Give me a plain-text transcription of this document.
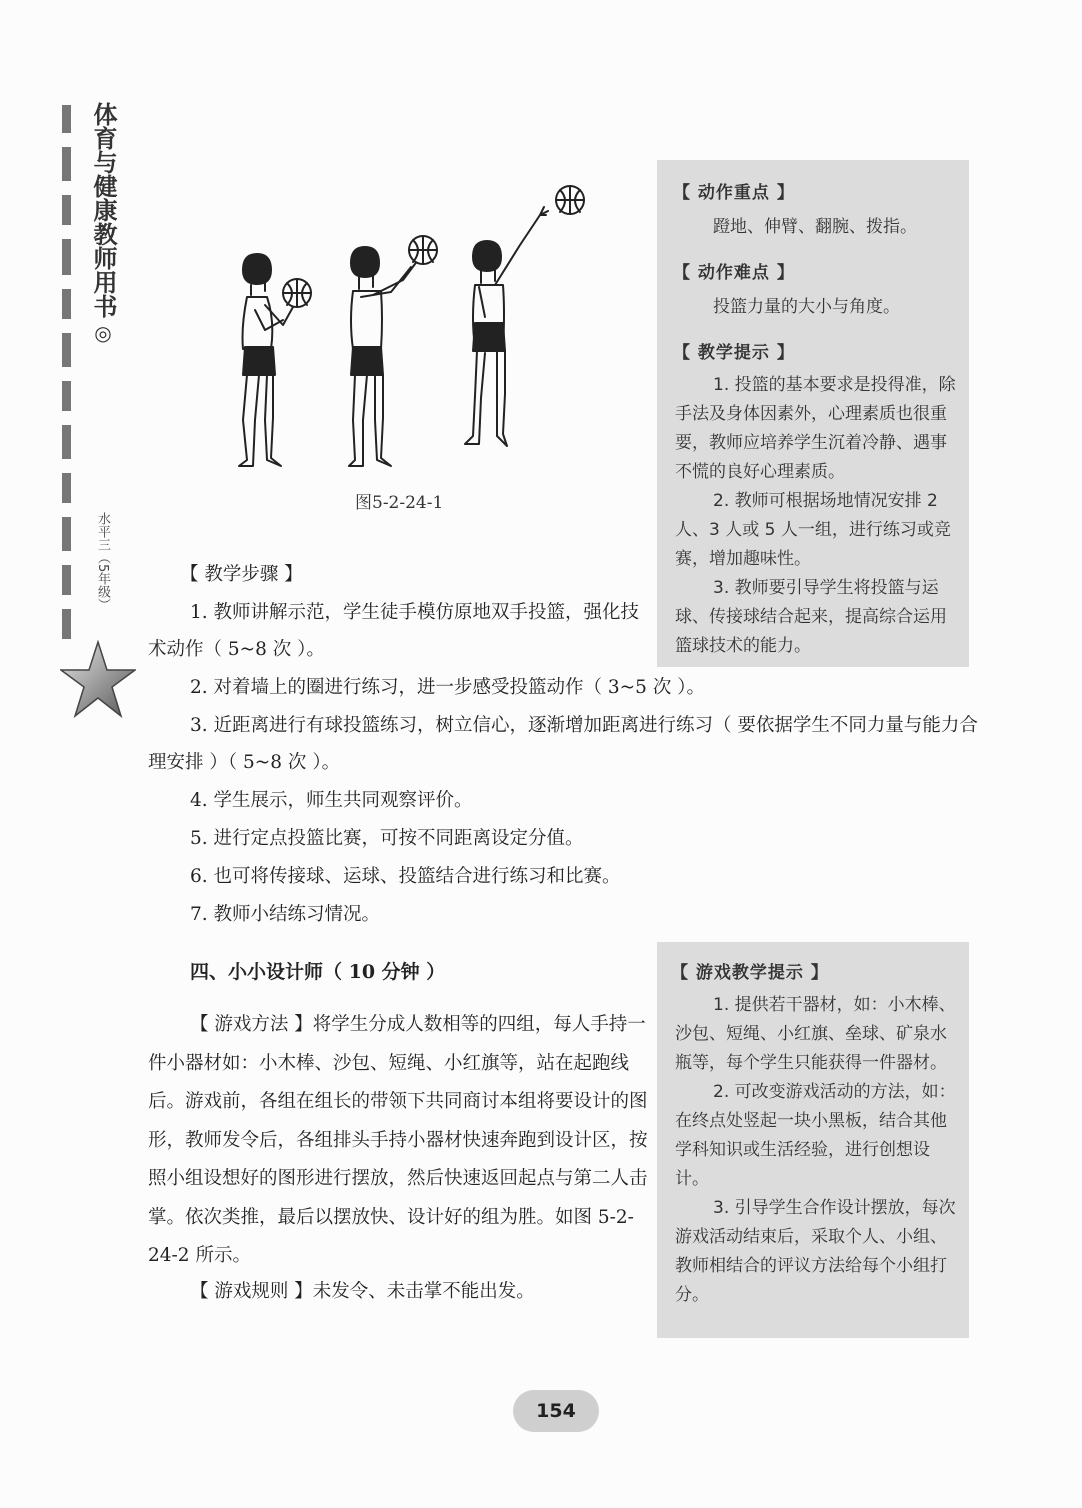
体育与健康教师用书
◎
水平三（5年级）
图5-2-24-1
【 动作重点 】
蹬地、伸臂、翻腕、拨指。
【 动作难点 】
投篮力量的大小与角度。
【 教学提示 】
1. 投篮的基本要求是投得准，除手法及身体因素外，心理素质也很重要，教师应培养学生沉着冷静、遇事不慌的良好心理素质。
2. 教师可根据场地情况安排 2 人、3 人或 5 人一组，进行练习或竞赛，增加趣味性。
3. 教师要引导学生将投篮与运球、传接球结合起来，提高综合运用篮球技术的能力。
【 教学步骤 】
1. 教师讲解示范，学生徒手模仿原地双手投篮，强化技术动作（ 5~8 次 ）。
2. 对着墙上的圈进行练习，进一步感受投篮动作（ 3~5 次 ）。
3. 近距离进行有球投篮练习，树立信心，逐渐增加距离进行练习（ 要依据学生不同力量与能力合理安排 ）（ 5~8 次 ）。
4. 学生展示，师生共同观察评价。
5. 进行定点投篮比赛，可按不同距离设定分值。
6. 也可将传接球、运球、投篮结合进行练习和比赛。
7. 教师小结练习情况。
四、小小设计师（ 10 分钟 ）
【 游戏方法 】将学生分成人数相等的四组，每人手持一件小器材如：小木棒、沙包、短绳、小红旗等，站在起跑线后。游戏前，各组在组长的带领下共同商讨本组将要设计的图形，教师发令后，各组排头手持小器材快速奔跑到设计区，按照小组设想好的图形进行摆放，然后快速返回起点与第二人击掌。依次类推，最后以摆放快、设计好的组为胜。如图 5-2-24-2 所示。
【 游戏规则 】未发令、未击掌不能出发。
【 游戏教学提示 】
1. 提供若干器材，如：小木棒、沙包、短绳、小红旗、垒球、矿泉水瓶等，每个学生只能获得一件器材。
2. 可改变游戏活动的方法，如：在终点处竖起一块小黑板，结合其他学科知识或生活经验，进行创想设计。
3. 引导学生合作设计摆放，每次游戏活动结束后，采取个人、小组、教师相结合的评议方法给每个小组打分。
154
